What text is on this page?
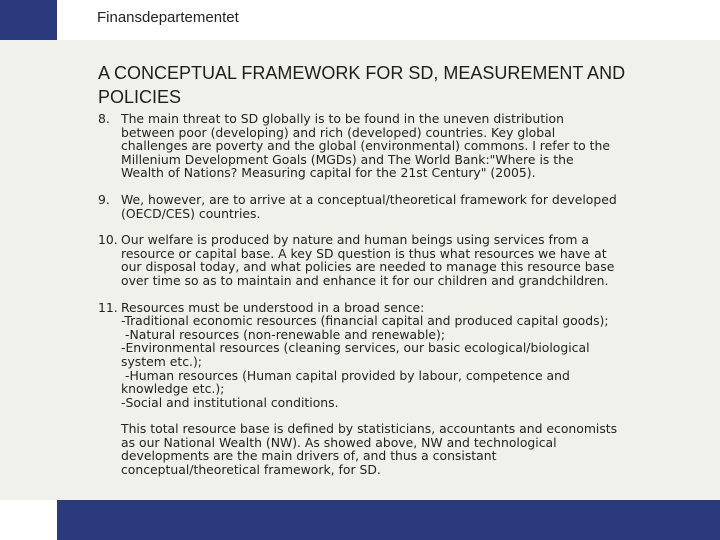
Finansdepartementet
A CONCEPTUAL FRAMEWORK FOR SD, MEASUREMENT AND POLICIES
8. The main threat to SD globally is to be found in the uneven distribution
between poor (developing) and rich (developed) countries. Key global
challenges are poverty and the global (environmental) commons. I refer to the
Millenium Development Goals (MGDs) and The World Bank:"Where is the
Wealth of Nations? Measuring capital for the 21st Century" (2005).
9. We, however, are to arrive at a conceptual/theoretical framework for developed
(OECD/CES) countries.
10. Our welfare is produced by nature and human beings using services from a
resource or capital base. A key SD question is thus what resources we have at
our disposal today, and what policies are needed to manage this resource base
over time so as to maintain and enhance it for our children and grandchildren.
11. Resources must be understood in a broad sence:
-Traditional economic resources (financial capital and produced capital goods);
-Natural resources (non-renewable and renewable);
-Environmental resources (cleaning services, our basic ecological/biological
system etc.);
-Human resources (Human capital provided by labour, competence and
knowledge etc.);
-Social and institutional conditions.
This total resource base is defined by statisticians, accountants and economists
as our National Wealth (NW). As showed above, NW and technological
developments are the main drivers of, and thus a consistant
conceptual/theoretical framework, for SD.
